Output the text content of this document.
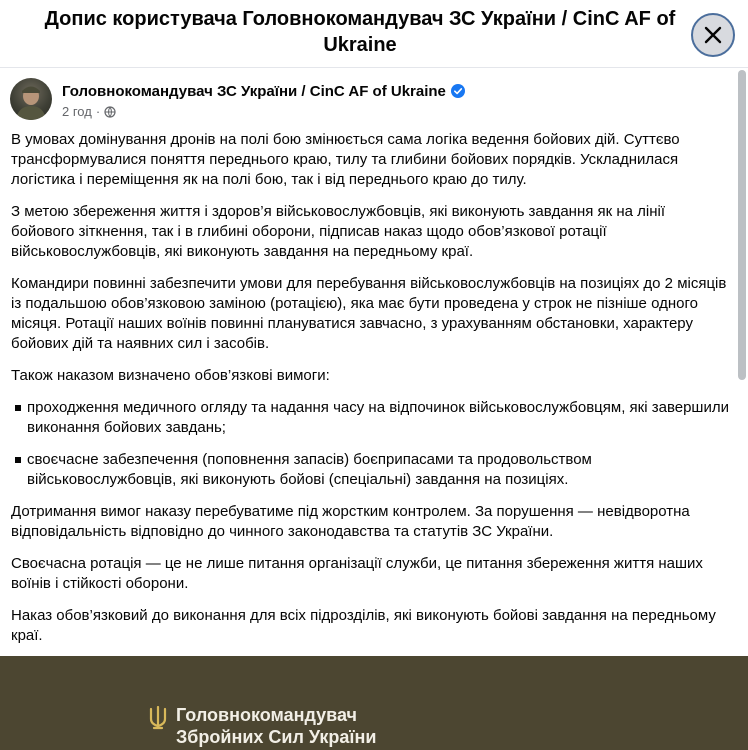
Допис користувача Головнокомандувач ЗС України / CinC AF of Ukraine
Головнокомандувач ЗС України / CinC AF of Ukraine
2 год ·

В умовах домінування дронів на полі бою змінюється сама логіка ведення бойових дій. Суттєво трансформувалися поняття переднього краю, тилу та глибини бойових порядків. Ускладнилася логістика і переміщення як на полі бою, так і від переднього краю до тилу.

З метою збереження життя і здоров’я військовослужбовців, які виконують завдання як на лінії бойового зіткнення, так і в глибині оборони, підписав наказ щодо обов’язкової ротації військовослужбовців, які виконують завдання на передньому краї.

Командири повинні забезпечити умови для перебування військовослужбовців на позиціях до 2 місяців із подальшою обов’язковою заміною (ротацією), яка має бути проведена у строк не пізніше одного місяця. Ротації наших воїнів повинні плануватися завчасно, з урахуванням обстановки, характеру бойових дій та наявних сил і засобів.

Також наказом визначено обов’язкові вимоги:

проходження медичного огляду та надання часу на відпочинок військовослужбовцям, які завершили виконання бойових завдань;

своєчасне забезпечення (поповнення запасів) боєприпасами та продовольством військовослужбовців, які виконують бойові (спеціальні) завдання на позиціях.

Дотримання вимог наказу перебуватиме під жорстким контролем. За порушення — невідворотна відповідальність відповідно до чинного законодавства та статутів ЗС України.

Своєчасна ротація — це не лише питання організації служби, це питання збереження життя наших воїнів і стійкості оборони.

Наказ обов’язковий до виконання для всіх підрозділів, які виконують бойові завдання на передньому краї.

Головнокомандувач
Збройних Сил України
